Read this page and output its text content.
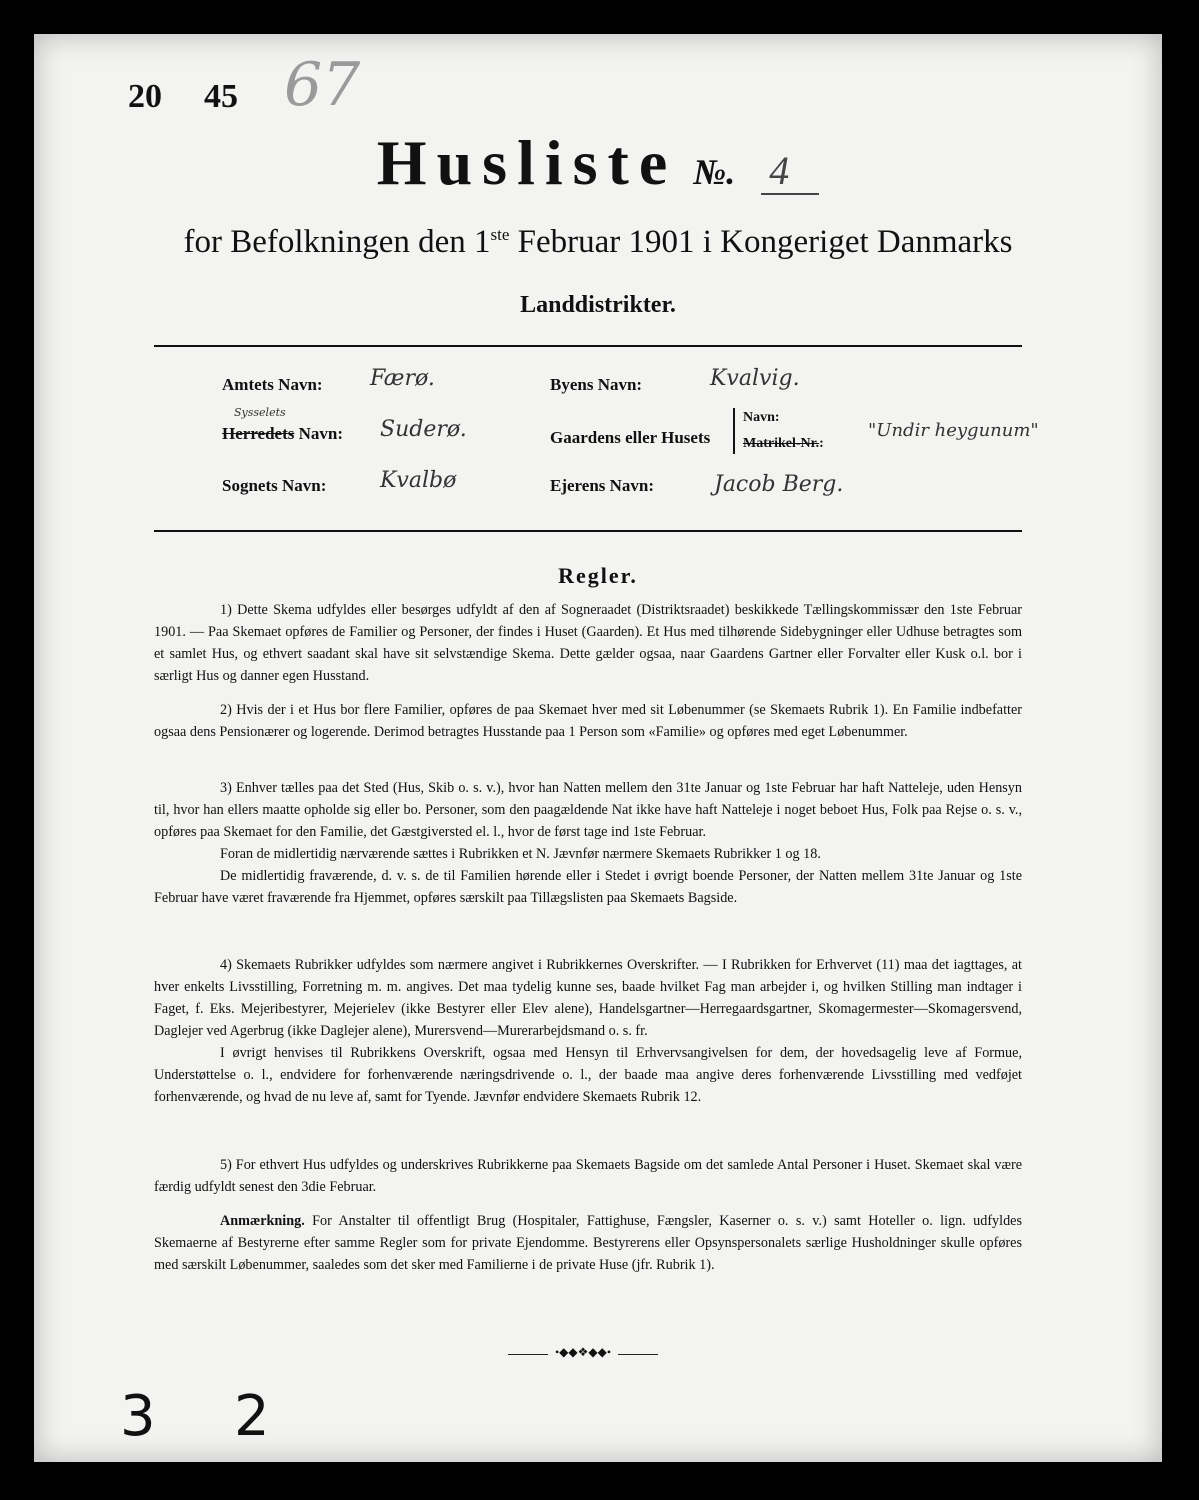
20 45 67
Husliste №. 4
for Befolkningen den 1ste Februar 1901 i Kongeriget Danmarks
Landdistrikter.
Amtets Navn: Færø.
Sysselets
Herredets Navn: Suderø.
Sognets Navn: Kvalbø
Byens Navn:	Kvalvig.
Gaardens eller Husets
Navn:
Matrikel-Nr.:
"Undir heygunum"
Ejerens Navn:	Jacob Berg.
Regler.

1) Dette Skema udfyldes eller besørges udfyldt af den af Sogneraadet (Distriktsraadet) beskikkede Tællingskommissær den 1ste Februar 1901. — Paa Skemaet opføres de Familier og Personer, der findes i Huset (Gaarden). Et Hus med tilhørende Sidebygninger eller Udhuse betragtes som et samlet Hus, og ethvert saadant skal have sit selvstændige Skema. Dette gælder ogsaa, naar Gaardens Gartner eller Forvalter eller Kusk o.l. bor i særligt Hus og danner egen Husstand.

2) Hvis der i et Hus bor flere Familier, opføres de paa Skemaet hver med sit Løbenummer (se Skemaets Rubrik 1). En Familie indbefatter ogsaa dens Pensionærer og logerende. Derimod betragtes Husstande paa 1 Person som «Familie» og opføres med eget Løbenummer.

3) Enhver tælles paa det Sted (Hus, Skib o. s. v.), hvor han Natten mellem den 31te Januar og 1ste Februar har haft Natteleje, uden Hensyn til, hvor han ellers maatte opholde sig eller bo. Personer, som den paagældende Nat ikke have haft Natteleje i noget beboet Hus, Folk paa Rejse o. s. v., opføres paa Skemaet for den Familie, det Gæstgiversted el. l., hvor de først tage ind 1ste Februar.

Foran de midlertidig nærværende sættes i Rubrikken et N. Jævnfør nærmere Skemaets Rubrikker 1 og 18.

De midlertidig fraværende, d. v. s. de til Familien hørende eller i Stedet i øvrigt boende Personer, der Natten mellem 31te Januar og 1ste Februar have været fraværende fra Hjemmet, opføres særskilt paa Tillægslisten paa Skemaets Bagside.

4) Skemaets Rubrikker udfyldes som nærmere angivet i Rubrikkernes Overskrifter. — I Rubrikken for Erhvervet (11) maa det iagttages, at hver enkelts Livsstilling, Forretning m. m. angives. Det maa tydelig kunne ses, baade hvilket Fag man arbejder i, og hvilken Stilling man indtager i Faget, f. Eks. Mejeribestyrer, Mejerielev (ikke Bestyrer eller Elev alene), Handelsgartner—Herregaardsgartner, Skomagermester—Skomagersvend, Daglejer ved Agerbrug (ikke Daglejer alene), Murersvend—Murerarbejdsmand o. s. fr.

I øvrigt henvises til Rubrikkens Overskrift, ogsaa med Hensyn til Erhvervsangivelsen for dem, der hovedsagelig leve af Formue, Understøttelse o. l., endvidere for forhenværende næringsdrivende o. l., der baade maa angive deres forhenværende Livsstilling med vedføjet forhenværende, og hvad de nu leve af, samt for Tyende. Jævnfør endvidere Skemaets Rubrik 12.

5) For ethvert Hus udfyldes og underskrives Rubrikkerne paa Skemaets Bagside om det samlede Antal Personer i Huset. Skemaet skal være færdig udfyldt senest den 3die Februar.

Anmærkning. For Anstalter til offentligt Brug (Hospitaler, Fattighuse, Fængsler, Kaserner o. s. v.) samt Hoteller o. lign. udfyldes Skemaerne af Bestyrerne efter samme Regler som for private Ejendomme. Bestyrerens eller Opsynspersonalets særlige Husholdninger skulle opføres med særskilt Løbenummer, saaledes som det sker med Familierne i de private Huse (jfr. Rubrik 1).

•◆◆❖◆◆•
3 2
